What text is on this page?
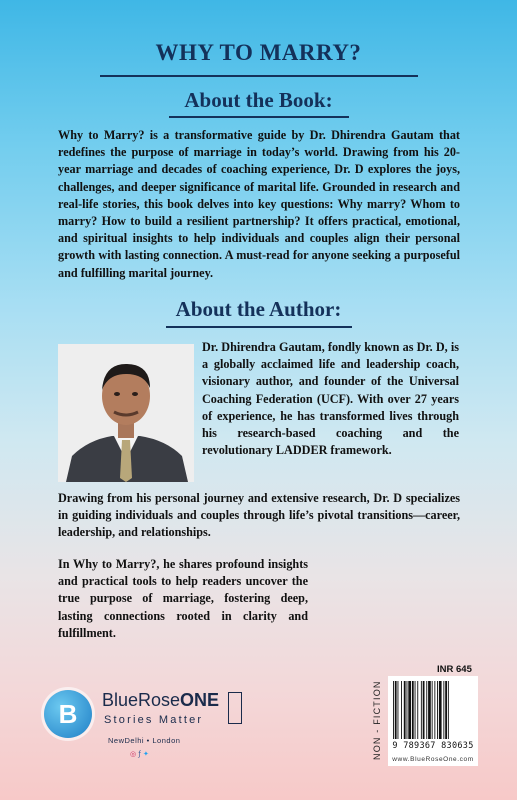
WHY TO MARRY?
About the Book:
Why to Marry? is a transformative guide by Dr. Dhirendra Gautam that redefines the purpose of marriage in today’s world. Drawing from his 20-year marriage and decades of coaching experience, Dr. D explores the joys, challenges, and deeper significance of marital life. Grounded in research and real-life stories, this book delves into key questions: Why marry? Whom to marry? How to build a resilient partnership? It offers practical, emotional, and spiritual insights to help individuals and couples align their personal growth with lasting connection. A must-read for anyone seeking a purposeful and fulfilling marital journey.
About the Author:
Dr. Dhirendra Gautam, fondly known as Dr. D, is a globally acclaimed life and leadership coach, visionary author, and founder of the Universal Coaching Federation (UCF). With over 27 years of experience, he has transformed lives through his research-based coaching and the revolutionary LADDER framework.
Drawing from his personal journey and extensive research, Dr. D specializes in guiding individuals and couples through life’s pivotal transitions—career, leadership, and relationships.
In Why to Marry?, he shares profound insights and practical tools to help readers uncover the true purpose of marriage, fostering deep, lasting connections rooted in clarity and fulfillment.
B	BlueRoseONE
Stories Matter
NewDelhi • London
◎ ƒ ✦
INR 645
NON - FICTION	9 789367 830635
www.BlueRoseOne.com
